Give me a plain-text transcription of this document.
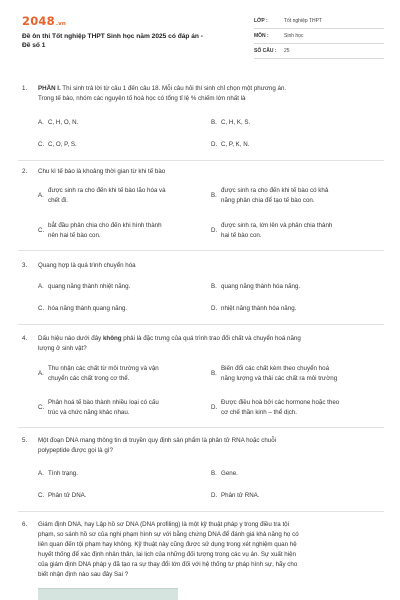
2048.vn
Đề ôn thi Tốt nghiệp THPT Sinh học năm 2025 có đáp án -
Đề số 1
LỚP :	Tốt nghiệp THPT
MÔN :	Sinh học
SỐ CÂU : 25
1. PHẦN I. Thí sinh trả lời từ câu 1 đến câu 18. Mỗi câu hỏi thí sinh chỉ chọn một phương án.
Trong tế bào, nhóm các nguyên tố hoá học có tổng tỉ lệ % chiếm lớn nhất là
A. C, H, O, N.	B. C, H, K, S.
C. C, O, P, S.	D. C, P, K, N.
2. Chu kì tế bào là khoảng thời gian từ khi tế bào
A.
được sinh ra cho đến khi tế bào lão hóa và
chết đi.
B.
được sinh ra cho đến khi tế bào có khả
năng phân chia để tạo tế bào con.
C.
bắt đầu phân chia cho đến khi hình thành
nên hai tế bào con.
D.
được sinh ra, lớn lên và phân chia thành
hai tế bào con.
3. Quang hợp là quá trình chuyển hóa
A. quang năng thành nhiệt năng.	B. quang năng thành hóa năng.
C. hóa năng thành quang năng.	D. nhiệt năng thành hóa năng.
4. Dấu hiệu nào dưới đây không phải là đặc trưng của quá trình trao đổi chất và chuyển hoá năng
lượng ở sinh vật?
A.
Thu nhận các chất từ môi trường và vận
chuyển các chất trong cơ thể.
B.
Biến đổi các chất kèm theo chuyển hoá
năng lượng và thải các chất ra môi trường
C.
Phân hoá tế bào thành nhiều loại có cấu
trúc và chức năng khác nhau.
D.
Được điều hoà bởi các hormone hoặc theo
cơ chế thần kinh – thể dịch.
5. Một đoạn DNA mang thông tin di truyền quy định sản phẩm là phân tử RNA hoặc chuỗi
polypeptide được gọi là gì?
A. Tính trạng.	B. Gene.
C. Phân tử DNA.	D. Phân tử RNA.
6. Giám định DNA, hay Lập hồ sơ DNA (DNA profiling) là một kỹ thuật pháp y trong điều tra tội
phạm, so sánh hồ sơ của nghi phạm hình sự với bằng chứng DNA để đánh giá khả năng họ có
liên quan đến tội phạm hay không. Kỹ thuật này cũng được sử dụng trong xét nghiệm quan hệ
huyết thống để xác định nhân thân, lai lịch của những đối tượng trong các vụ án. Sự xuất hiện
của giám định DNA pháp y đã tạo ra sự thay đổi lớn đối với hệ thống tư pháp hình sự, hãy cho
biết nhận định nào sau đây Sai ?
